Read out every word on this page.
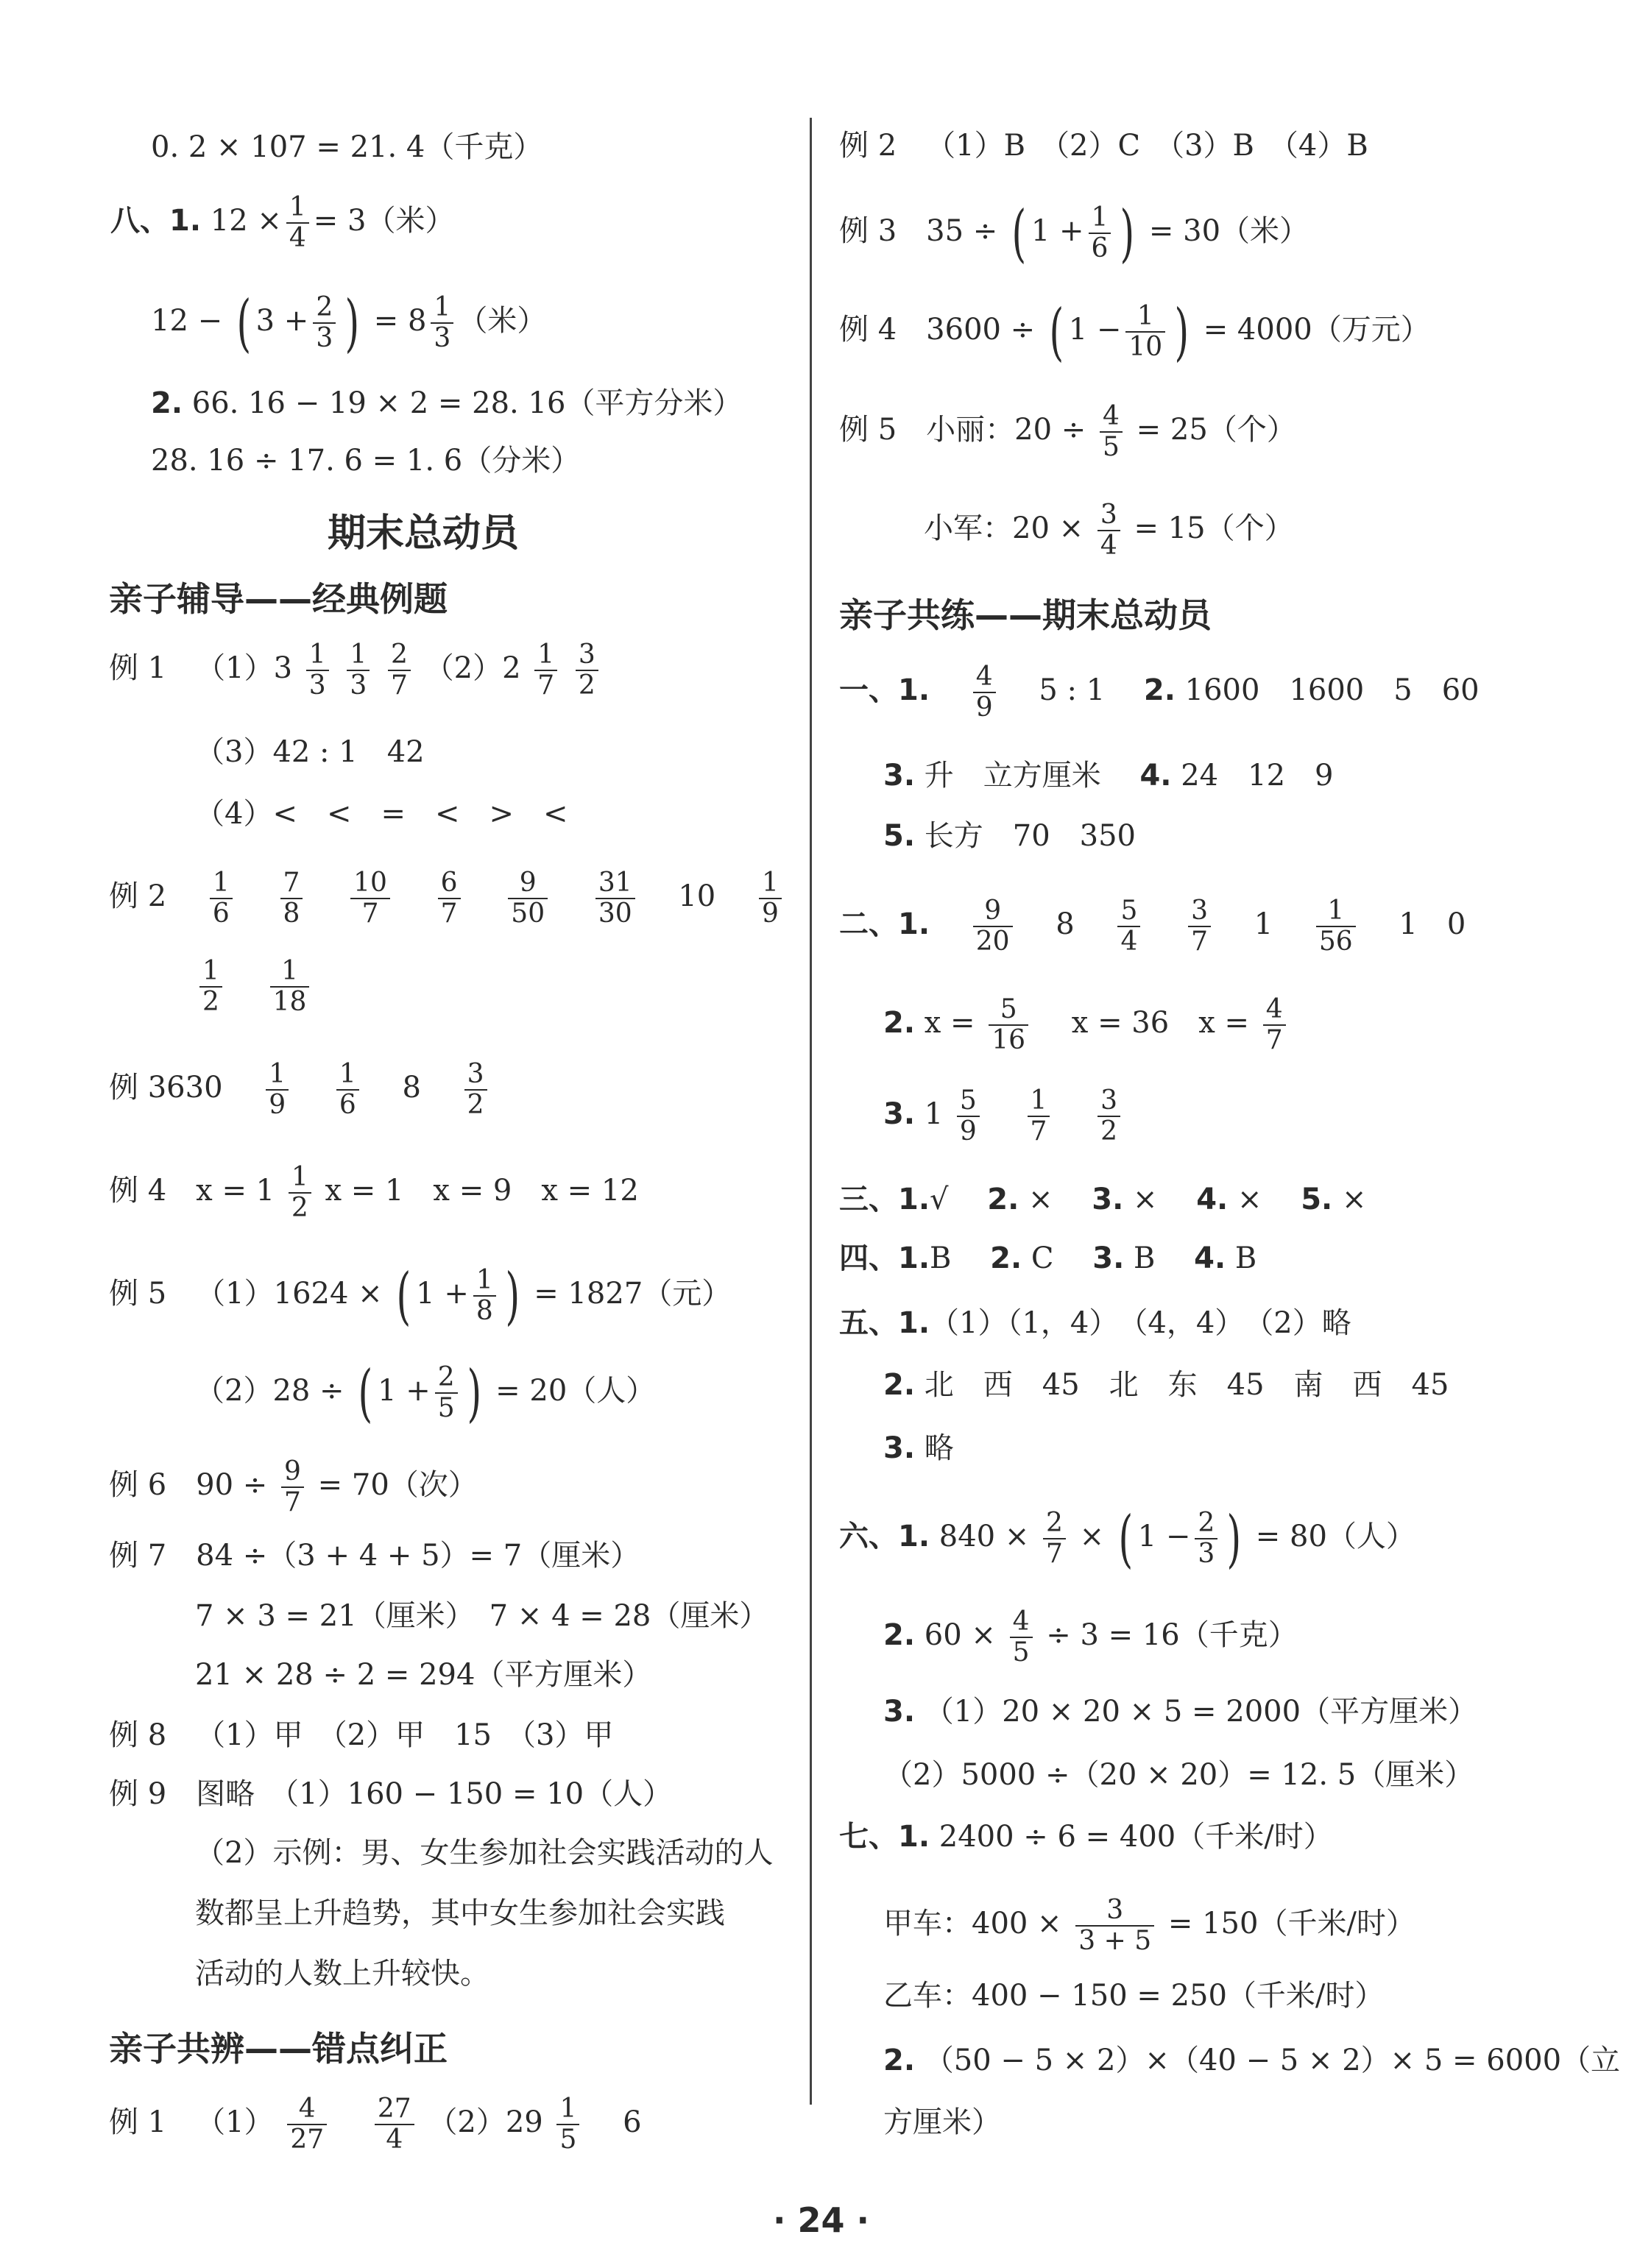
0. 2 × 107 = 21. 4（千克）
八、1. $12 \times \frac{1}{4} = 3$（米）
12 − ( $3 + \frac{2}{3}$ ) = $8 \frac{1}{3}$ （米）
2. 66. 16 − 19 × 2 = 28. 16（平方分米）
28. 16 ÷ 17. 6 = 1. 6（分米）
期末总动员
亲子辅导——经典例题
例 1 $(1)3 \frac{1}{3}$
$\frac{1}{3}$
$\frac{2}{7} (2)2 \frac{1}{7}$
$\frac{3}{2}$
（3）42 : 1　42
（4）<　<　=　<　>　<
例 $2 \frac{1}{6}$
$\frac{7}{8}$
$\frac{10}{7}$
$\frac{6}{7}$
$\frac{9}{50}$
$\frac{31}{30} 10 \frac{1}{9}$
$\frac{1}{2}$
$\frac{1}{18}$
例 $3630 \frac{1}{9}$
$\frac{1}{6} 8 \frac{3}{2}$
例 4 $x = 1 \frac{1}{2}$ x = 1　x = 9　x = 12
例 5 （1）1624 × ( $1 + \frac{1}{8}$ ) = 1827（元）
（2）28 ÷ ( $1 + \frac{2}{5}$ ) = 20（人）
例 6 $90 \div \frac{9}{7} = 70$（次）
例 7 84 ÷（3 + 4 + 5）= 7（厘米）
7 × 3 = 21（厘米）　7 × 4 = 28（厘米）
21 × 28 ÷ 2 = 294（平方厘米）
例 8 （1）甲　（2）甲　15　（3）甲
例 9 图略　（1）160 − 150 = 10（人）
（2）示例：男、女生参加社会实践活动的人
数都呈上升趋势，其中女生参加社会实践
活动的人数上升较快。
亲子共辨——错点纠正
例 1 $(1) \frac{4}{27}$
$\frac{27}{4} (2)29 \frac{1}{5} 6$
例 2 （1）B　（2）C　（3）B　（4）B
例 3 35 ÷ ( $1 + \frac{1}{6}$ ) = 30（米）
例 4 3600 ÷ ( $1 - \frac{1}{10}$ ) = 4000（万元）
例 5 小丽：$20 \div \frac{4}{5} = 25$（个）
小军：$20 \times \frac{3}{4} = 15$（个）
亲子共练——期末总动员
一、1. $\frac{4}{9} 5$ : 1 2. 1600　1600　5　60
3. 升　立方厘米 4. 24　12　9
5. 长方　70　350
二、1. $\frac{9}{20} 8 \frac{5}{4}$
$\frac{3}{7} 1 \frac{1}{56} 1$　0
2. $x = \frac{5}{16}$ x = 36　$x = \frac{4}{7}$
3. $1 \frac{5}{9}$
$\frac{1}{7}$
$\frac{3}{2}$
三、1.√　 2. ×　 3. ×　 4. ×　 5. ×
四、1.B　 2. C　 3. B　 4. B
五、1.（1）（1，4）　（4，4）　（2）略
2. 北　西　45　北　东　45　南　西　45
3. 略
六、1. $840 \times \frac{2}{7}$ × ( $1 - \frac{2}{3}$ ) = 80（人）
2. $60 \times \frac{4}{5} \div 3 = 16$（千克）
3. （1）20 × 20 × 5 = 2000（平方厘米）
（2）5000 ÷（20 × 20）= 12. 5（厘米）
七、1. 2400 ÷ 6 = 400（千米/时）
甲车：$400 \times \frac{3}{3 + 5} = 150$（千米/时）
乙车：400 − 150 = 250（千米/时）
2. （50 − 5 × 2）×（40 − 5 × 2）× 5 = 6000（立
方厘米）
· 24 ·
